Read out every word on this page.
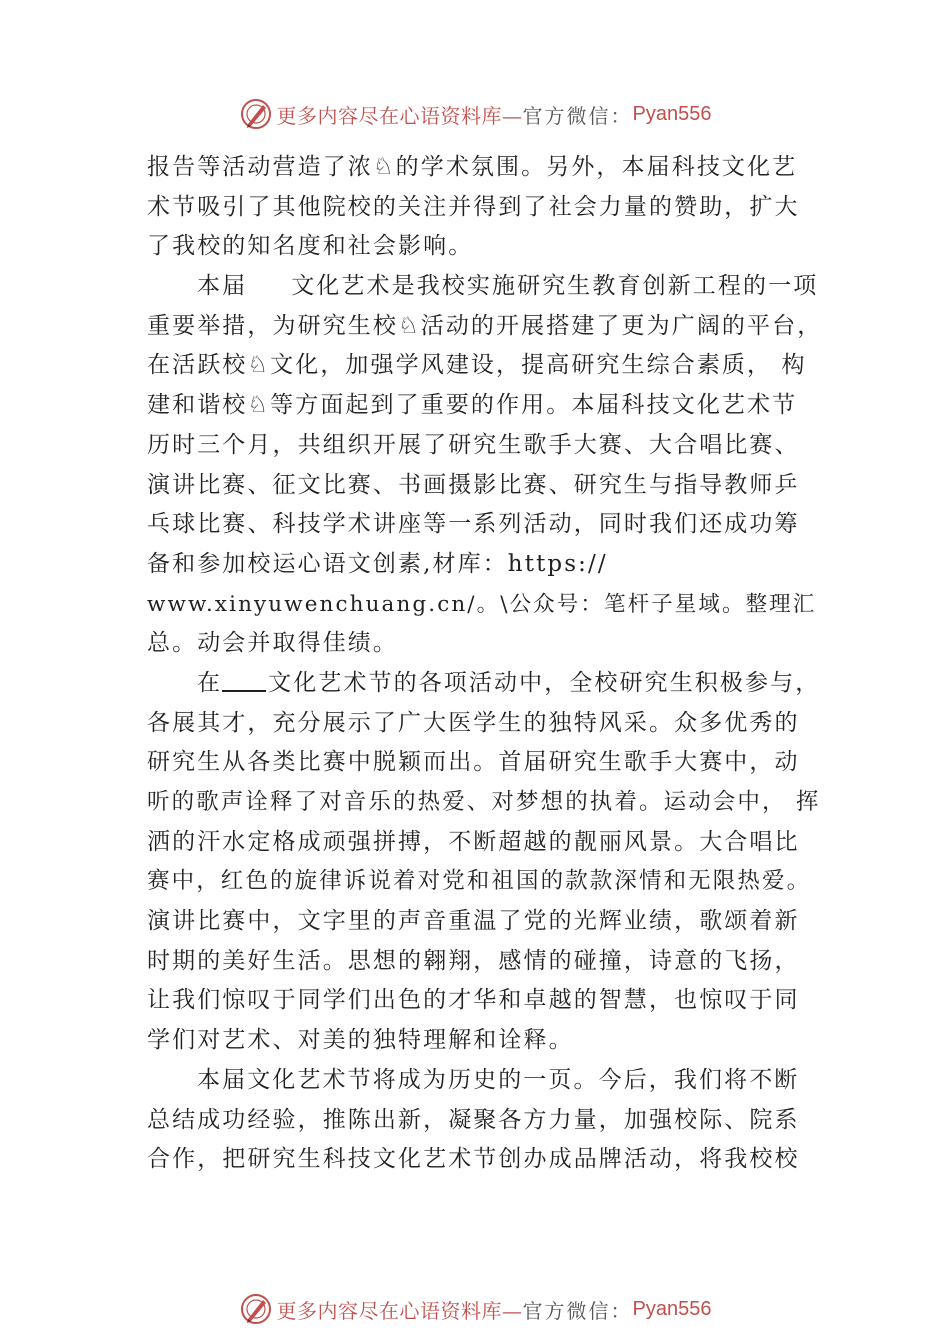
更多内容尽在心语资料库— 官方微信： Pyan556
报告等活动营造了浓♘的学术氛围。另外，本届科技文化艺
术节吸引了其他院校的关注并得到了社会力量的赞助，扩大
了我校的知名度和社会影响。
本届 文化艺术是我校实施研究生教育创新工程的一项
重要举措，为研究生校♘活动的开展搭建了更为广阔的平台，
在活跃校♘文化，加强学风建设，提高研究生综合素质， 构
建和谐校♘等方面起到了重要的作用。本届科技文化艺术节
历时三个月，共组织开展了研究生歌手大赛、大合唱比赛、
演讲比赛、征文比赛、书画摄影比赛、研究生与指导教师乒
乓球比赛、科技学术讲座等一系列活动，同时我们还成功筹
备和参加校运心语文创素,材库：https://
www.xinyuwenchuang.cn/。\公众号：笔杆子星域。整理汇
总。动会并取得佳绩。
在 文化艺术节的各项活动中，全校研究生积极参与，
各展其才，充分展示了广大医学生的独特风采。众多优秀的
研究生从各类比赛中脱颖而出。首届研究生歌手大赛中，动
听的歌声诠释了对音乐的热爱、对梦想的执着。运动会中， 挥
洒的汗水定格成顽强拼搏，不断超越的靓丽风景。大合唱比
赛中，红色的旋律诉说着对党和祖国的款款深情和无限热爱。
演讲比赛中，文字里的声音重温了党的光辉业绩，歌颂着新
时期的美好生活。思想的翱翔，感情的碰撞，诗意的飞扬，
让我们惊叹于同学们出色的才华和卓越的智慧，也惊叹于同
学们对艺术、对美的独特理解和诠释。
本届文化艺术节将成为历史的一页。今后，我们将不断
总结成功经验，推陈出新，凝聚各方力量，加强校际、院系
合作，把研究生科技文化艺术节创办成品牌活动，将我校校
更多内容尽在心语资料库— 官方微信： Pyan556
